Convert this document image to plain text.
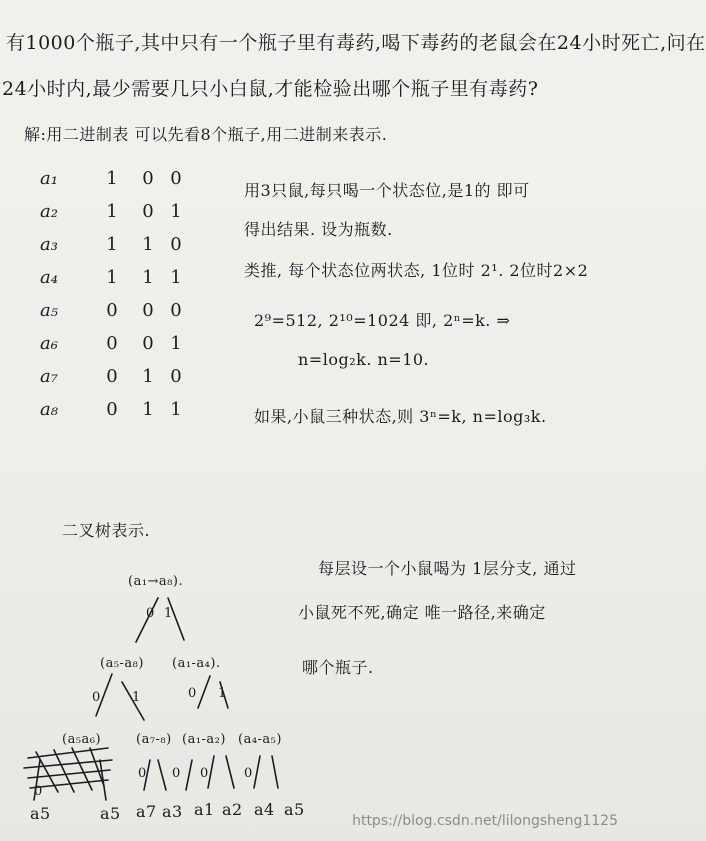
有1000个瓶子,其中只有一个瓶子里有毒药,喝下毒药的老鼠会在24小时死亡,问在
24小时内,最少需要几只小白鼠,才能检验出哪个瓶子里有毒药?
解:用二进制表 可以先看8个瓶子,用二进制来表示.
a₁	1 0 0
a₂	1 0 1
a₃	1 1 0
a₄	1 1 1
a₅	0 0 0
a₆	0 0 1
a₇	0 1 0
a₈	0 1 1
用3只鼠,每只喝一个状态位,是1的 即可
得出结果. 设为瓶数.
类推, 每个状态位两状态, 1位时 2¹. 2位时2×2
2⁹=512, 2¹⁰=1024 即, 2ⁿ=k. ⇒
n=log₂k. n=10.
如果,小鼠三种状态,则 3ⁿ=k, n=log₃k.
二叉树表示.
每层设一个小鼠喝为 1层分支, 通过
小鼠死不死,确定 唯一路径,来确定
哪个瓶子.
(a₁→a₈).
0 1
(a₅-a₈) (a₁-a₄).
0 1	0 1
(a₅a₆)	(a₇-₈) (a₁-a₂) (a₄-a₅)
0
0 0 0	0
a5	a5 a7 a3 a1 a2 a4 a5
https://blog.csdn.net/lilongsheng1125
